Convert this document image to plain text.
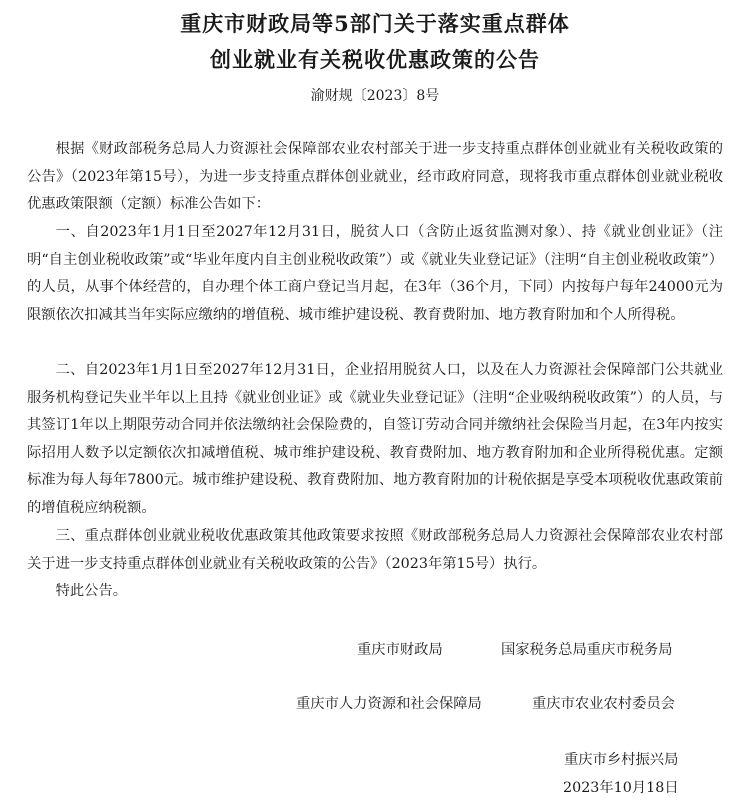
重庆市财政局等5部门关于落实重点群体
创业就业有关税收优惠政策的公告
渝财规〔2023〕8号

根据《财政部税务总局人力资源社会保障部农业农村部关于进一步支持重点群体创业就业有关税收政策的公告》（2023年第15号），为进一步支持重点群体创业就业，经市政府同意，现将我市重点群体创业就业税收优惠政策限额（定额）标准公告如下：

一、自2023年1月1日至2027年12月31日，脱贫人口（含防止返贫监测对象）、持《就业创业证》（注明“自主创业税收政策”或“毕业年度内自主创业税收政策”）或《就业失业登记证》（注明“自主创业税收政策”）的人员，从事个体经营的，自办理个体工商户登记当月起，在3年（36个月，下同）内按每户每年24000元为限额依次扣减其当年实际应缴纳的增值税、城市维护建设税、教育费附加、地方教育附加和个人所得税。

二、自2023年1月1日至2027年12月31日，企业招用脱贫人口，以及在人力资源社会保障部门公共就业服务机构登记失业半年以上且持《就业创业证》或《就业失业登记证》（注明“企业吸纳税收政策”）的人员，与其签订1年以上期限劳动合同并依法缴纳社会保险费的，自签订劳动合同并缴纳社会保险当月起，在3年内按实际招用人数予以定额依次扣减增值税、城市维护建设税、教育费附加、地方教育附加和企业所得税优惠。定额标准为每人每年7800元。城市维护建设税、教育费附加、地方教育附加的计税依据是享受本项税收优惠政策前的增值税应纳税额。

三、重点群体创业就业税收优惠政策其他政策要求按照《财政部税务总局人力资源社会保障部农业农村部关于进一步支持重点群体创业就业有关税收政策的公告》（2023年第15号）执行。

特此公告。

重庆市财政局	国家税务总局重庆市税务局
重庆市人力资源和社会保障局	重庆市农业农村委员会
重庆市乡村振兴局
2023年10月18日
